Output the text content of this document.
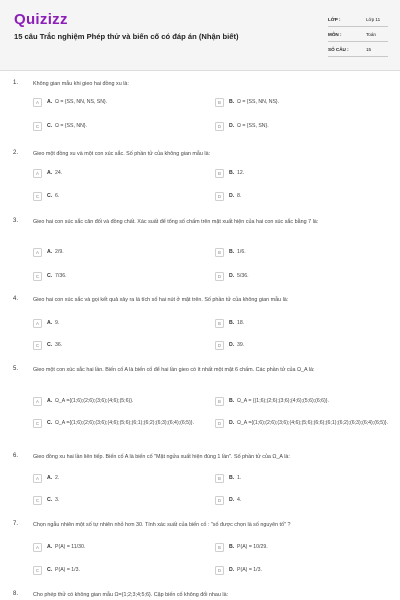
Quizizz
15 câu Trắc nghiệm Phép thử và biến cố có đáp án (Nhận biết)
LỚP :	Lớp 11
MÔN :	Toán
SỐ CÂU :	15
1.	Không gian mẫu khi gieo hai đồng xu là:
A	A. Ω = {SS, NN, NS, SN}.	B	B. Ω = {SS, NN, NS}.
C	C. Ω = {SS, NN}.	D	D. Ω = {SS, SN}.
2.	Gieo một đồng xu và một con xúc sắc. Số phần tử của không gian mẫu là:
A	A. 24.	B	B. 12.
C	C. 6.	D	D. 8.
3.	Gieo hai con súc sắc cân đối và đồng chất. Xác suất để tổng số chấm trên mặt xuất hiện của hai con súc sắc bằng 7 là:
A	A. 2/9.	B	B. 1/6.
C	C. 7/36.	D	D. 5/36.
4.	Gieo hai con xúc sắc và gọi kết quả xảy ra là tích số hai nút ở mặt trên. Số phần tử của không gian mẫu là:
A	A. 9.	B	B. 18.
C	C. 36.	D	D. 39.
5.	Gieo một con xúc sắc hai lần. Biến cố A là biến cố để hai lần gieo có ít nhất một mặt 6 chấm. Các phần tử của Ω_A là:
A	A. Ω_A ={(1;6);(2;6);(3;6);(4;6);(5;6)}.	B	B. Ω_A = {(1;6);(2;6);(3;6);(4;6);(5;6);(6;6)}.
C	C. Ω_A ={(1;6);(2;6);(3;6);(4;6);(5;6);(6;1);(6;2);(6;3);(6;4);(6;5)}.	D	D. Ω_A ={(1;6);(2;6);(3;6);(4;6);(5;6);(6;6);(6;1);(6;2);(6;3);(6;4);(6;5)}.
6.	Gieo đồng xu hai lần liên tiếp. Biến cố A là biến cố "Mặt ngửa xuất hiện đúng 1 lần". Số phần tử của Ω_A là:
A	A. 2.	B	B. 1.
C	C. 3.	D	D. 4.
7.	Chọn ngẫu nhiên một số tự nhiên nhỏ hơn 30. Tính xác suất của biến cố : "số được chọn là số nguyên tố" ?
A	A. P(A) = 11/30.	B	B. P(A) = 10/29.
C	C. P(A) = 1/3.	D	D. P(A) = 1/3.
8.	Cho phép thử có không gian mẫu Ω={1;2;3;4;5;6}. Cặp biến cố không đối nhau là:
